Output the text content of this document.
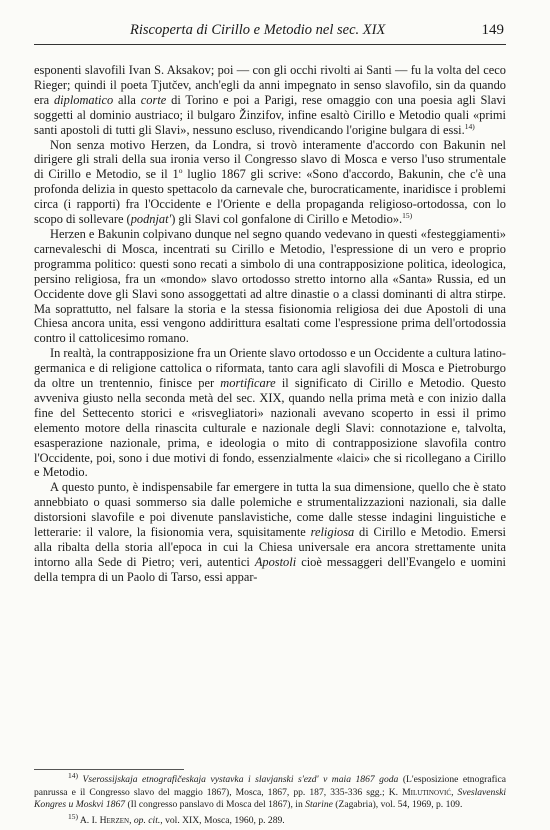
Riscoperta di Cirillo e Metodio nel sec. XIX	149

esponenti slavofili Ivan S. Aksakov; poi — con gli occhi rivolti ai Santi — fu la volta del ceco Rieger; quindi il poeta Tjutčev, anch'egli da anni impegnato in senso slavofilo, sin da quando era diplomatico alla corte di Torino e poi a Parigi, rese omaggio con una poesia agli Slavi soggetti al dominio austriaco; il bulgaro Žinzifov, infine esaltò Cirillo e Metodio quali «primi santi apostoli di tutti gli Slavi», nessuno escluso, rivendicando l'origine bulgara di essi.$^{14)}$

Non senza motivo Herzen, da Londra, si trovò interamente d'accordo con Bakunin nel dirigere gli strali della sua ironia verso il Congresso slavo di Mosca e verso l'uso strumentale di Cirillo e Metodio, se il 1$^o$ luglio 1867 gli scrive: «Sono d'accordo, Bakunin, che c'è una profonda delizia in questo spettacolo da carnevale che, burocraticamente, inaridisce i problemi circa (i rapporti) fra l'Occidente e l'Oriente e della propaganda religioso-ortodossa, con lo scopo di sollevare (podnjat') gli Slavi col gonfalone di Cirillo e Metodio».$^{15)}$

Herzen e Bakunin colpivano dunque nel segno quando vedevano in questi «festeggiamenti» carnevaleschi di Mosca, incentrati su Cirillo e Metodio, l'espressione di un vero e proprio programma politico: questi sono recati a simbolo di una contrapposizione politica, ideologica, persino religiosa, fra un «mondo» slavo ortodosso stretto intorno alla «Santa» Russia, ed un Occidente dove gli Slavi sono assoggettati ad altre dinastie o a classi dominanti di altra stirpe. Ma soprattutto, nel falsare la storia e la stessa fisionomia religiosa dei due Apostoli di una Chiesa ancora unita, essi vengono addirittura esaltati come l'espressione prima dell'ortodossia contro il cattolicesimo romano.

In realtà, la contrapposizione fra un Oriente slavo ortodosso e un Occidente a cultura latino-germanica e di religione cattolica o riformata, tanto cara agli slavofili di Mosca e Pietroburgo da oltre un trentennio, finisce per mortificare il significato di Cirillo e Metodio. Questo avveniva giusto nella seconda metà del sec. XIX, quando nella prima metà e con inizio dalla fine del Settecento storici e «risvegliatori» nazionali avevano scoperto in essi il primo elemento motore della rinascita culturale e nazionale degli Slavi: connotazione e, talvolta, esasperazione nazionale, prima, e ideologia o mito di contrapposizione slavofila contro l'Occidente, poi, sono i due motivi di fondo, essenzialmente «laici» che si ricollegano a Cirillo e Metodio.

A questo punto, è indispensabile far emergere in tutta la sua dimensione, quello che è stato annebbiato o quasi sommerso sia dalle polemiche e strumentalizzazioni nazionali, sia dalle distorsioni slavofile e poi divenute panslavistiche, come dalle stesse indagini linguistiche e letterarie: il valore, la fisionomia vera, squisitamente religiosa di Cirillo e Metodio. Emersi alla ribalta della storia all'epoca in cui la Chiesa universale era ancora strettamente unita intorno alla Sede di Pietro; veri, autentici Apostoli cioè messaggeri dell'Evangelo e uomini della tempra di un Paolo di Tarso, essi appar-

$^{14)}$ Vserossijskaja etnografičeskaja vystavka i slavjanski s'ezd' v maia 1867 goda (L'esposizione etnografica panrussa e il Congresso slavo del maggio 1867), Mosca, 1867, pp. 187, 335-336 sgg.; K. Milutinović, Sveslavenski Kongres u Moskvi 1867 (Il congresso panslavo di Mosca del 1867), in Starine (Zagabria), vol. 54, 1969, p. 109.

$^{15)}$ A. I. Herzen, op. cit., vol. XIX, Mosca, 1960, p. 289.
